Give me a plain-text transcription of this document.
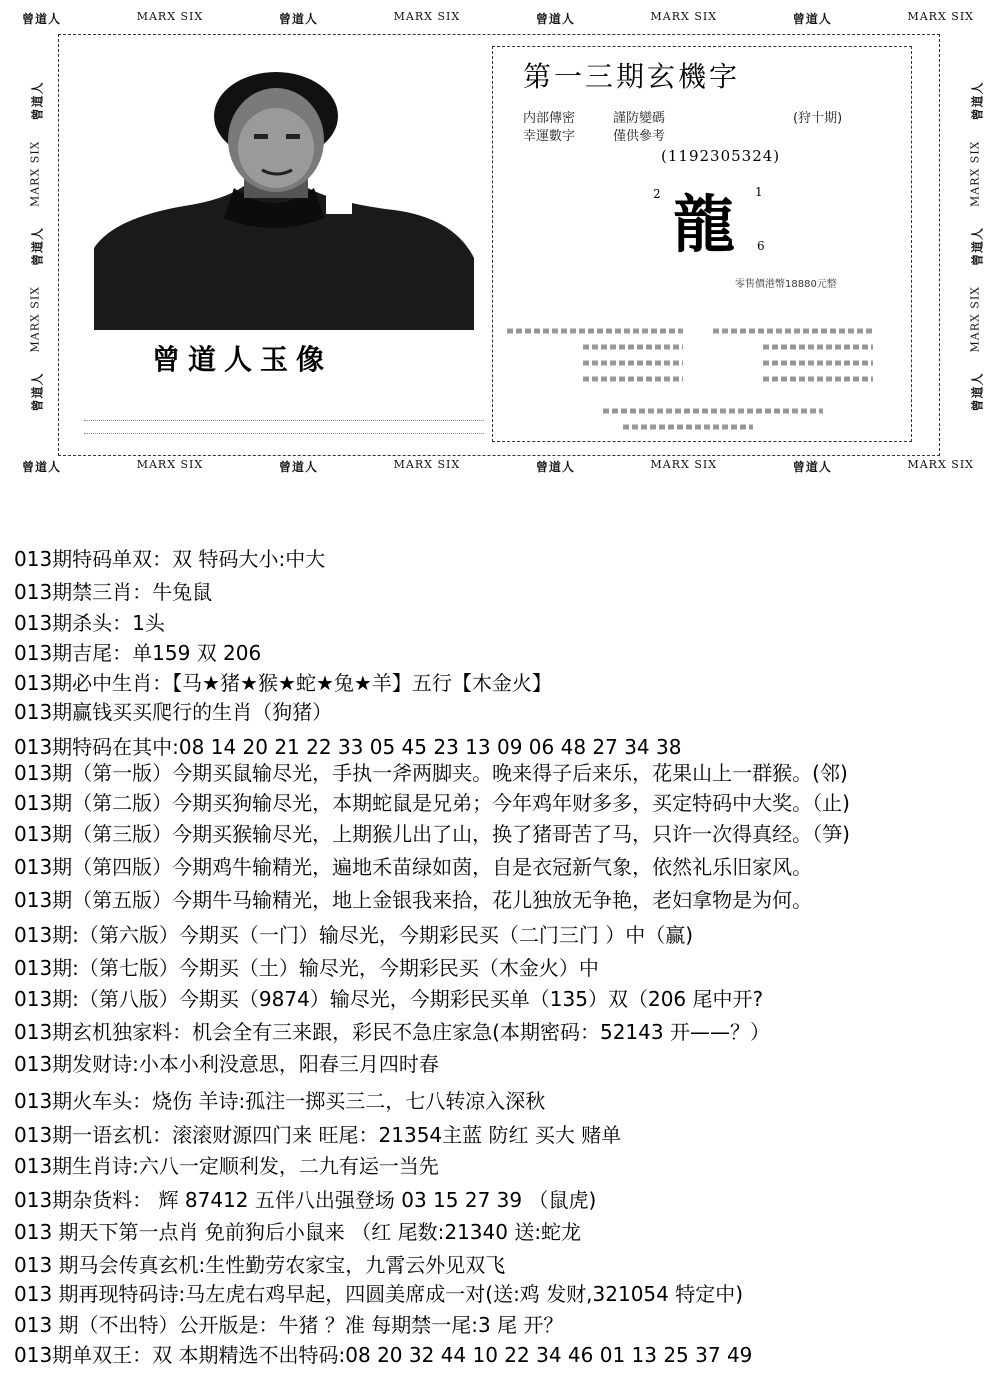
曾道人	MARX SIX	曾道人	MARX SIX	曾道人	MARX SIX	曾道人	MARX SIX
曾道人	MARX SIX	曾道人	MARX SIX	曾道人	MARX SIX	曾道人	MARX SIX
曾道人
MARX SIX
曾道人
MARX SIX
曾道人
曾道人
MARX SIX
曾道人
MARX SIX
曾道人
曾道人玉像
第一三期玄機字
内部傳密	謹防變碼	(狩十期)
幸運數字	僅供參考
(1192305324)
2 龍 1
6
零售價港幣18880元整
013期特码单双：双 特码大小:中大
013期禁三肖：牛兔鼠
013期杀头：1头
013期吉尾：单159 双 206
013期必中生肖：【马★猪★猴★蛇★兔★羊】五行【木金火】
013期赢钱买买爬行的生肖（狗猪）
013期特码在其中:08 14 20 21 22 33 05 45 23 13 09 06 48 27 34 38
013期（第一版）今期买鼠输尽光，手执一斧两脚夹。晚来得子后来乐，花果山上一群猴。(邻)
013期（第二版）今期买狗输尽光，本期蛇鼠是兄弟；今年鸡年财多多，买定特码中大奖。（止)
013期（第三版）今期买猴输尽光，上期猴儿出了山，换了猪哥苦了马，只许一次得真经。（笋)
013期（第四版）今期鸡牛输精光，遍地禾苗绿如茵，自是衣冠新气象，依然礼乐旧家风。
013期（第五版）今期牛马输精光，地上金银我来拾，花儿独放无争艳，老妇拿物是为何。
013期:（第六版）今期买（一门）输尽光，今期彩民买（二门三门 ）中（赢)
013期:（第七版）今期买（土）输尽光，今期彩民买（木金火）中
013期:（第八版）今期买（9874）输尽光，今期彩民买单（135）双（206 尾中开?
013期玄机独家料：机会全有三来跟，彩民不急庄家急(本期密码：52143 开——？）
013期发财诗:小本小利没意思，阳春三月四时春
013期火车头：烧伤 羊诗:孤注一掷买三二，七八转凉入深秋
013期一语玄机：滚滚财源四门来 旺尾：21354主蓝 防红 买大 赌单
013期生肖诗:六八一定顺利发，二九有运一当先
013期杂货料： 辉 87412 五伴八出强登场 03 15 27 39 （鼠虎)
013 期天下第一点肖 免前狗后小鼠来 （红 尾数:21340 送:蛇龙
013 期马会传真玄机:生性勤劳农家宝，九霄云外见双飞
013 期再现特码诗:马左虎右鸡早起，四圆美席成一对(送:鸡 发财,321054 特定中)
013 期（不出特）公开版是：牛猪 ？准 每期禁一尾:3 尾 开？
013期单双王：双 本期精选不出特码:08 20 32 44 10 22 34 46 01 13 25 37 49
